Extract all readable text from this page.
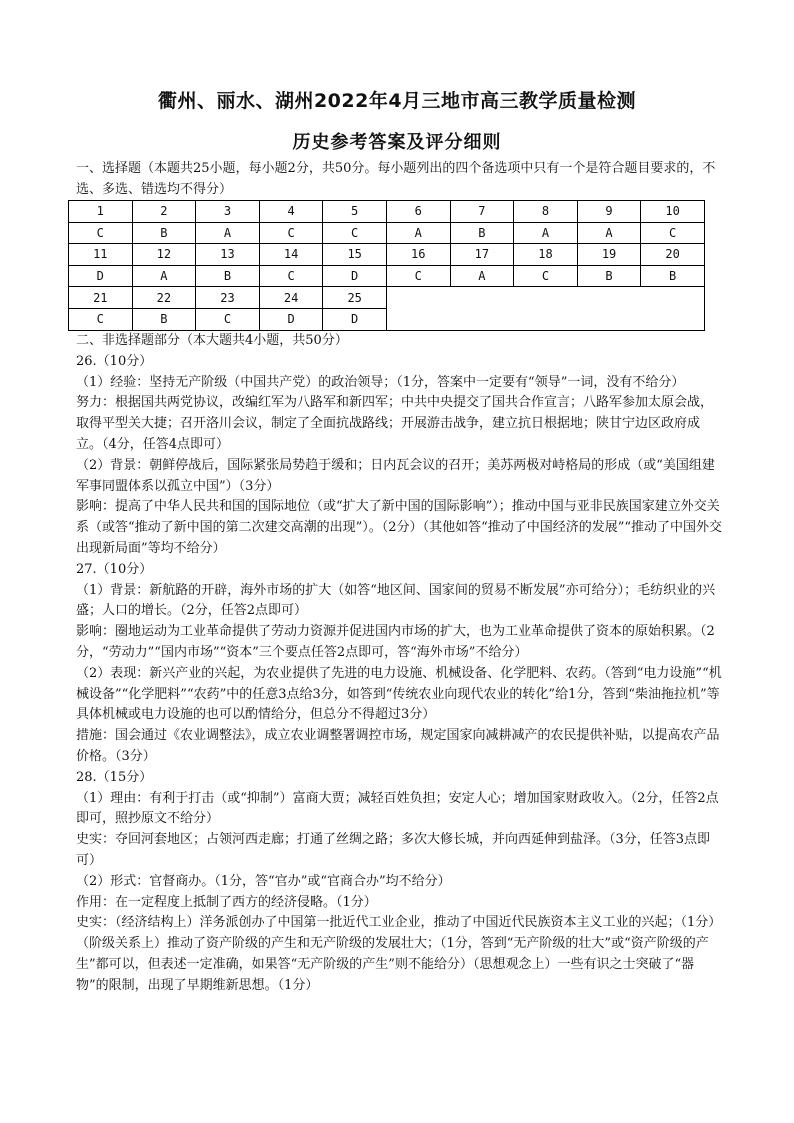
衢州、丽水、湖州2022年4月三地市高三教学质量检测
历史参考答案及评分细则
一、选择题（本题共25小题，每小题2分，共50分。每小题列出的四个备选项中只有一个是符合题目要求的，不选、多选、错选均不得分）
1	2	3	4	5	6	7	8	9	10
C	B	A	C	C	A	B	A	A	C
11	12	13	14	15	16	17	18	19	20
D	A	B	C	D	C	A	C	B	B
21	22	23	24	25					
C	B	C	D	D					

二、非选择题部分（本大题共4小题，共50分）

26.（10分）

（1）经验：坚持无产阶级（中国共产党）的政治领导；（1分，答案中一定要有“领导”一词，没有不给分）

努力：根据国共两党协议，改编红军为八路军和新四军；中共中央提交了国共合作宣言；八路军参加太原会战，取得平型关大捷；召开洛川会议，制定了全面抗战路线；开展游击战争，建立抗日根据地；陕甘宁边区政府成立。（4分，任答4点即可）

（2）背景：朝鲜停战后，国际紧张局势趋于缓和；日内瓦会议的召开；美苏两极对峙格局的形成（或“美国组建军事同盟体系以孤立中国”）（3分）

影响：提高了中华人民共和国的国际地位（或“扩大了新中国的国际影响”）；推动中国与亚非民族国家建立外交关系（或答“推动了新中国的第二次建交高潮的出现”）。（2分）（其他如答“推动了中国经济的发展”“推动了中国外交出现新局面”等均不给分）

27.（10分）

（1）背景：新航路的开辟，海外市场的扩大（如答“地区间、国家间的贸易不断发展”亦可给分）；毛纺织业的兴盛；人口的增长。（2分，任答2点即可）

影响：圈地运动为工业革命提供了劳动力资源并促进国内市场的扩大，也为工业革命提供了资本的原始积累。（2分，“劳动力”“国内市场”“资本”三个要点任答2点即可，答“海外市场”不给分）

（2）表现：新兴产业的兴起，为农业提供了先进的电力设施、机械设备、化学肥料、农药。（答到“电力设施”“机械设备”“化学肥料”“农药”中的任意3点给3分，如答到“传统农业向现代农业的转化”给1分，答到“柴油拖拉机”等具体机械或电力设施的也可以酌情给分，但总分不得超过3分）

措施：国会通过《农业调整法》，成立农业调整署调控市场，规定国家向减耕减产的农民提供补贴，以提高农产品价格。（3分）

28.（15分）

（1）理由：有利于打击（或“抑制”）富商大贾；减轻百姓负担；安定人心；增加国家财政收入。（2分，任答2点即可，照抄原文不给分）

史实：夺回河套地区；占领河西走廊；打通了丝绸之路；多次大修长城，并向西延伸到盐泽。（3分，任答3点即可）

（2）形式：官督商办。（1分，答“官办”或“官商合办”均不给分）

作用：在一定程度上抵制了西方的经济侵略。（1分）

史实：（经济结构上）洋务派创办了中国第一批近代工业企业，推动了中国近代民族资本主义工业的兴起；（1分）（阶级关系上）推动了资产阶级的产生和无产阶级的发展壮大；（1分，答到“无产阶级的壮大”或“资产阶级的产生”都可以，但表述一定准确，如果答“无产阶级的产生”则不能给分）（思想观念上）一些有识之士突破了“器物”的限制，出现了早期维新思想。（1分）
